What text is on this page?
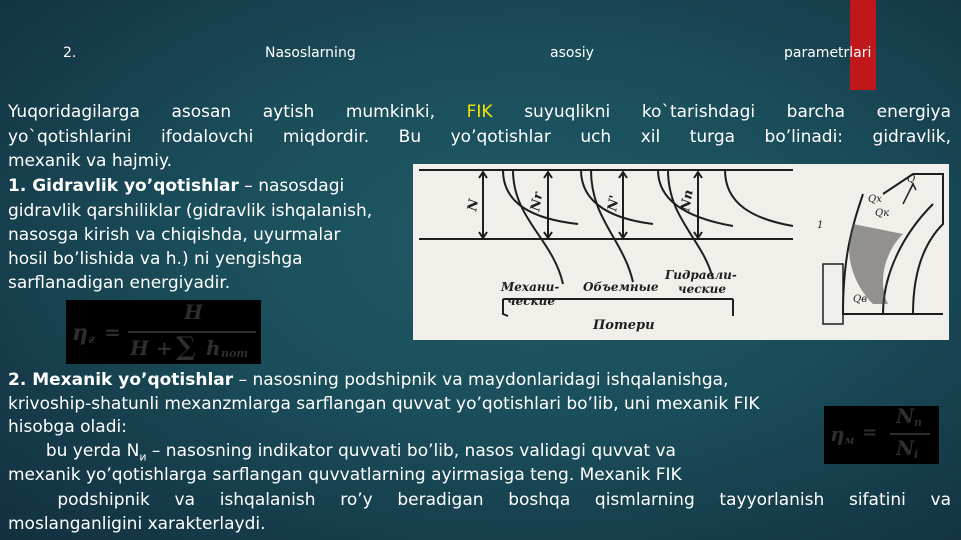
2.	Nasoslarning	asosiy	parametrlari
Yuqoridagilarga asosan aytish mumkinki, FIK suyuqlikni ko`tarishdagi barcha energiya
yo`qotishlarini ifodalovchi miqdordir. Bu yo’qotishlar uch xil turga bo’linadi: gidravlik,
mexanik va hajmiy.
1. Gidravlik yo’qotishlar – nasosdagi
gidravlik qarshiliklar (gidravlik ishqalanish,
nasosga kirish va chiqishda, uyurmalar
hosil bo’lishida va h.) ni yengishga
sarflanadigan energiyadir.
η г =
H
H + ∑ h пот
N	Nr	N'	Nп
Механи-
ческие
Объемные
Гидравли-
ческие
Потери
Q
Qк
Qв
Qx
1
2. Mexanik yo’qotishlar – nasosning podshipnik va maydonlaridagi ishqalanishga,
krivoship-shatunli mexanzmlarga sarflangan quvvat yo’qotishlari bo’lib, uni mexanik FIK
hisobga oladi:
bu yerda $N_и$ – nasosning indikator quvvati bo’lib, nasos validagi quvvat va
mexanik yo’qotishlarga sarflangan quvvatlarning ayirmasiga teng. Mexanik FIK
podshipnik va ishqalanish ro’y beradigan boshqa qismlarning tayyorlanish sifatini va
moslanganligini xarakterlaydi.
η м =
N п
N i
